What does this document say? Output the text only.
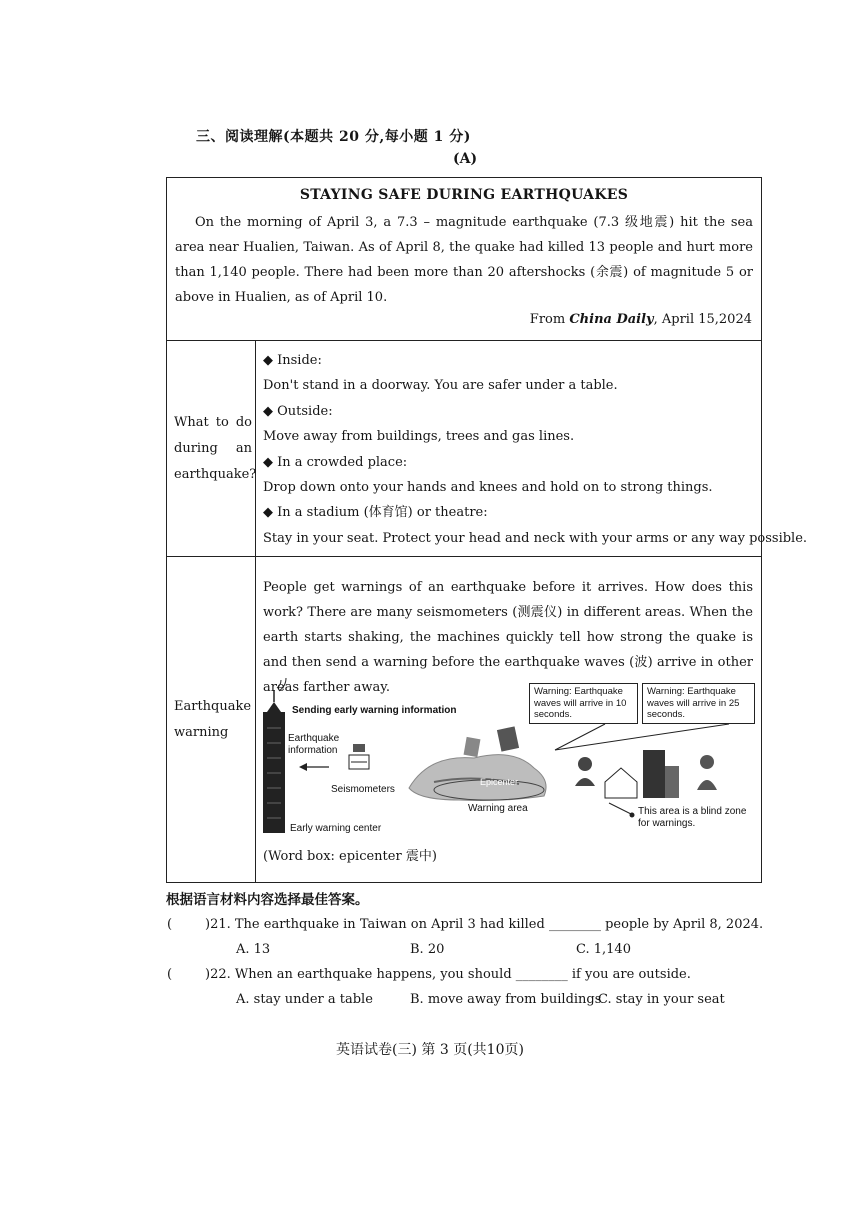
三、阅读理解(本题共 20 分,每小题 1 分)
(A)
STAYING SAFE DURING EARTHQUAKES
On the morning of April 3, a 7.3 – magnitude earthquake (7.3 级地震) hit the sea area near Hualien, Taiwan. As of April 8, the quake had killed 13 people and hurt more than 1,140 people. There had been more than 20 aftershocks (余震) of magnitude 5 or above in Hualien, as of April 10.
From China Daily, April 15,2024
What to do during an earthquake?
◆ Inside:
Don't stand in a doorway. You are safer under a table.
◆ Outside:
Move away from buildings, trees and gas lines.
◆ In a crowded place:
Drop down onto your hands and knees and hold on to strong things.
◆ In a stadium (体育馆) or theatre:
Stay in your seat. Protect your head and neck with your arms or any way possible.
Earthquake warning
People get warnings of an earthquake before it arrives. How does this work? There are many seismometers (测震仪) in different areas. When the earth starts shaking, the machines quickly tell how strong the quake is and then send a warning before the earthquake waves (波) arrive in other areas farther away.
Sending early warning information
Earthquake information
Seismometers
Early warning center
Epicenter
Warning area
Warning: Earthquake waves will arrive in 10 seconds.
Warning: Earthquake waves will arrive in 25 seconds.
This area is a blind zone for warnings.
(Word box: epicenter 震中)
根据语言材料内容选择最佳答案。
(	)21. The earthquake in Taiwan on April 3 had killed ________ people by April 8, 2024.
A. 13	B. 20	C. 1,140
(	)22. When an earthquake happens, you should ________ if you are outside.
A. stay under a table	B. move away from buildings
C. stay in your seat
英语试卷(三) 第 3 页(共10页)
